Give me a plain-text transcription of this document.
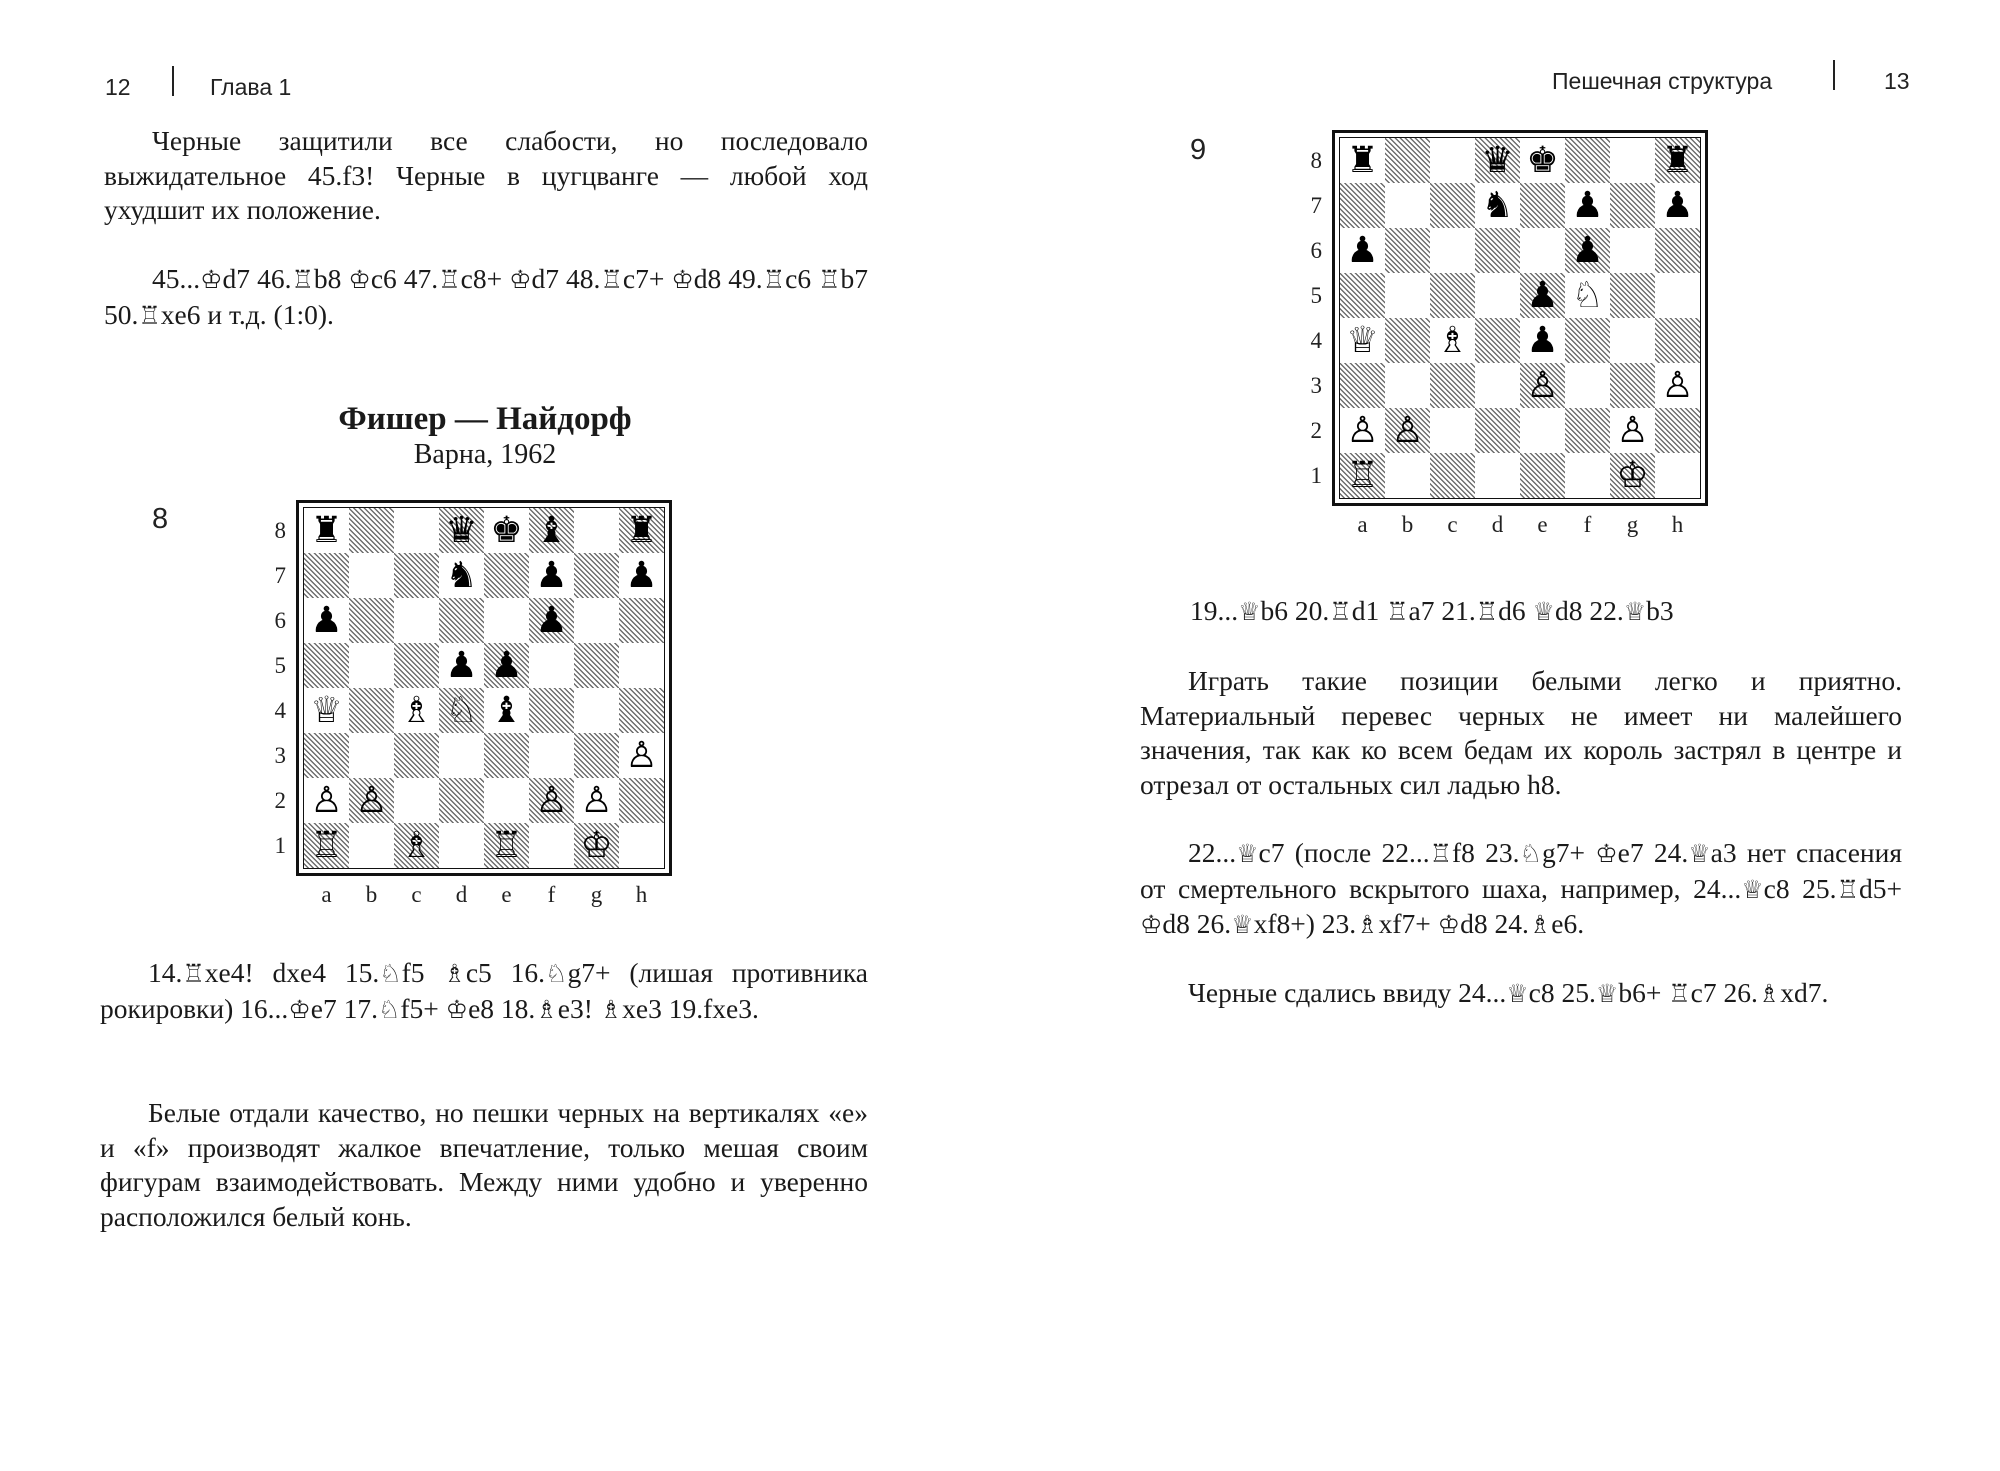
12	Глава 1

Черные защитили все слабости, но последовало выжидательное 45.f3! Черные в цугцванге — любой ход ухудшит их положение.

45...♔d7 46.♖b8 ♔c6 47.♖c8+ ♔d7 48.♖c7+ ♔d8 49.♖c6 ♖b7 50.♖xe6 и т.д. (1:0).

Фишер — Найдорф
Варна, 1962
8	♜	♛ ♚ ♝ ♜
♞ ♟ ♟
♟	♟
♟ ♟
♕ ♗ ♘ ♝
♙
♙ ♙	♙ ♙
♖ ♗ ♖ ♔
8
7
6
5
4
3
2
1
a	b	c	d	e	f	g	h

14.♖xe4! dxe4 15.♘f5 ♗c5 16.♘g7+ (лишая противника рокировки) 16...♔e7 17.♘f5+ ♔e8 18.♗e3! ♗xe3 19.fxe3.

Белые отдали качество, но пешки черных на вертикалях «е» и «f» производят жалкое впечатление, только мешая своим фигурам взаимодействовать. Между ними удобно и уверенно расположился белый конь.

Пешечная структура	13
9	♜	♛ ♚	♜
♞ ♟ ♟
♟	♟
♟ ♘
♕ ♗ ♟
♙	♙
♙ ♙	♙
♖	♔
8
7
6
5
4
3
2
1
a	b	c	d	e	f	g	h

19...♕b6 20.♖d1 ♖a7 21.♖d6 ♕d8 22.♕b3

Играть такие позиции белыми легко и приятно. Материальный перевес черных не имеет ни малейшего значения, так как ко всем бедам их король застрял в центре и отрезал от остальных сил ладью h8.

22...♕c7 (после 22...♖f8 23.♘g7+ ♔e7 24.♕a3 нет спасения от смертельного вскрытого шаха, например, 24...♕c8 25.♖d5+ ♔d8 26.♕xf8+) 23.♗xf7+ ♔d8 24.♗e6.

Черные сдались ввиду 24...♕c8 25.♕b6+ ♖c7 26.♗xd7.
